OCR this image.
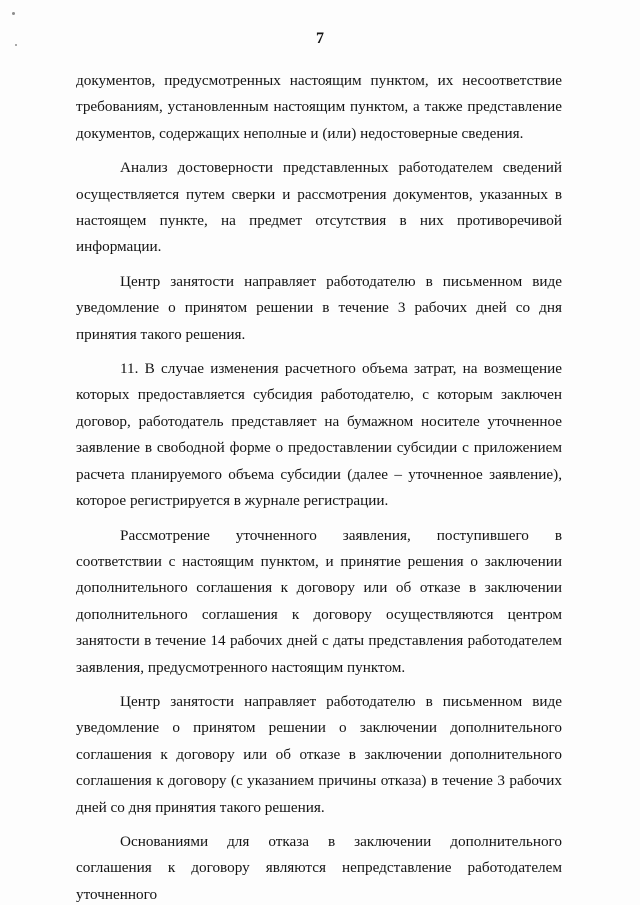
7

документов, предусмотренных настоящим пунктом, их несоответствие требованиям, установленным настоящим пунктом, а также представление документов, содержащих неполные и (или) недостоверные сведения.

Анализ достоверности представленных работодателем сведений осуществляется путем сверки и рассмотрения документов, указанных в настоящем пункте, на предмет отсутствия в них противоречивой информации.

Центр занятости направляет работодателю в письменном виде уведомление о принятом решении в течение 3 рабочих дней со дня принятия такого решения.

11. В случае изменения расчетного объема затрат, на возмещение которых предоставляется субсидия работодателю, с которым заключен договор, работодатель представляет на бумажном носителе уточненное заявление в свободной форме о предоставлении субсидии с приложением расчета планируемого объема субсидии (далее – уточненное заявление), которое регистрируется в журнале регистрации.

Рассмотрение уточненного заявления, поступившего в соответствии с настоящим пунктом, и принятие решения о заключении дополнительного соглашения к договору или об отказе в заключении дополнительного соглашения к договору осуществляются центром занятости в течение 14 рабочих дней с даты представления работодателем заявления, предусмотренного настоящим пунктом.

Центр занятости направляет работодателю в письменном виде уведомление о принятом решении о заключении дополнительного соглашения к договору или об отказе в заключении дополнительного соглашения к договору (с указанием причины отказа) в течение 3 рабочих дней со дня принятия такого решения.

Основаниями для отказа в заключении дополнительного соглашения к договору являются непредставление работодателем уточненного
